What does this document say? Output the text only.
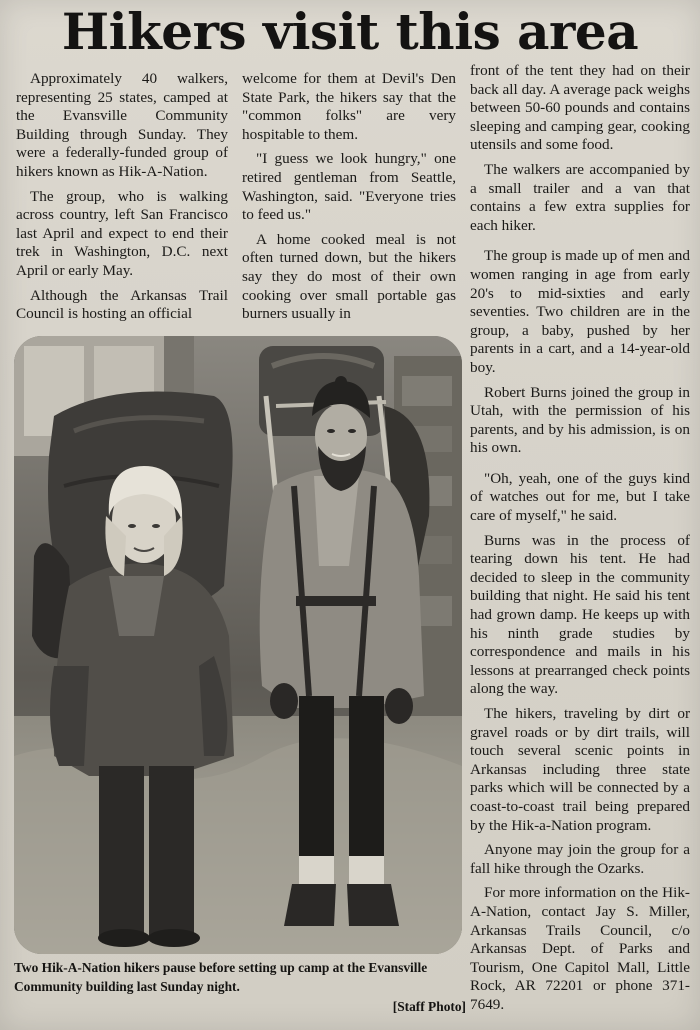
Hikers visit this area

Approximately 40 walkers, representing 25 states, camped at the Evansville Community Building through Sunday. They were a federally-funded group of hikers known as Hik-A-Nation.

The group, who is walking across country, left San Francisco last April and expect to end their trek in Washington, D.C. next April or early May.

Although the Arkansas Trail Council is hosting an official

welcome for them at Devil's Den State Park, the hikers say that the "common folks" are very hospitable to them.

"I guess we look hungry," one retired gentleman from Seattle, Washington, said. "Everyone tries to feed us."

A home cooked meal is not often turned down, but the hikers say they do most of their own cooking over small portable gas burners usually in

front of the tent they had on their back all day. A average pack weighs between 50-60 pounds and contains sleeping and camping gear, cooking utensils and some food.

The walkers are accompanied by a small trailer and a van that contains a few extra supplies for each hiker.

The group is made up of men and women ranging in age from early 20's to mid-sixties and early seventies. Two children are in the group, a baby, pushed by her parents in a cart, and a 14-year-old boy.

Robert Burns joined the group in Utah, with the permission of his parents, and by his admission, is on his own.

"Oh, yeah, one of the guys kind of watches out for me, but I take care of myself," he said.

Burns was in the process of tearing down his tent. He had decided to sleep in the community building that night. He said his tent had grown damp. He keeps up with his ninth grade studies by correspondence and mails in his lessons at prearranged check points along the way.

The hikers, traveling by dirt or gravel roads or by dirt trails, will touch several scenic points in Arkansas including three state parks which will be connected by a coast-to-coast trail being prepared by the Hik-a-Nation program.

Anyone may join the group for a fall hike through the Ozarks.

For more information on the Hik-A-Nation, contact Jay S. Miller, Arkansas Trails Council, c/o Arkansas Dept. of Parks and Tourism, One Capitol Mall, Little Rock, AR 72201 or phone 371-7649.

Two Hik-A-Nation hikers pause before setting up camp at the Evansville Community building last Sunday night.
[Staff Photo]
